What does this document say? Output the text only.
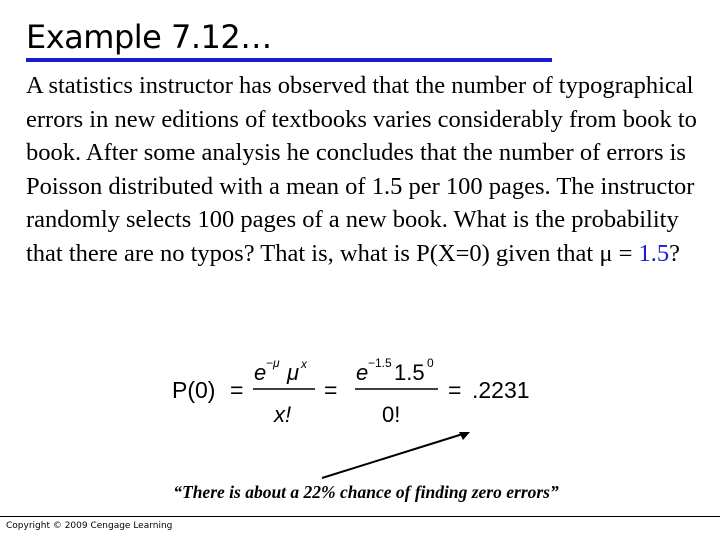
Example 7.12…
A statistics instructor has observed that the number of typographical errors in new editions of textbooks varies considerably from book to book. After some analysis he concludes that the number of errors is Poisson distributed with a mean of 1.5 per 100 pages. The instructor randomly selects 100 pages of a new book. What is the probability that there are no typos? That is, what is P(X=0) given that μ = 1.5?
P(0) =
e −μ μ x
x!
=
e −1.5 1.5 0
0!
= .2231
“There is about a 22% chance of finding zero errors”
Copyright © 2009 Cengage Learning
